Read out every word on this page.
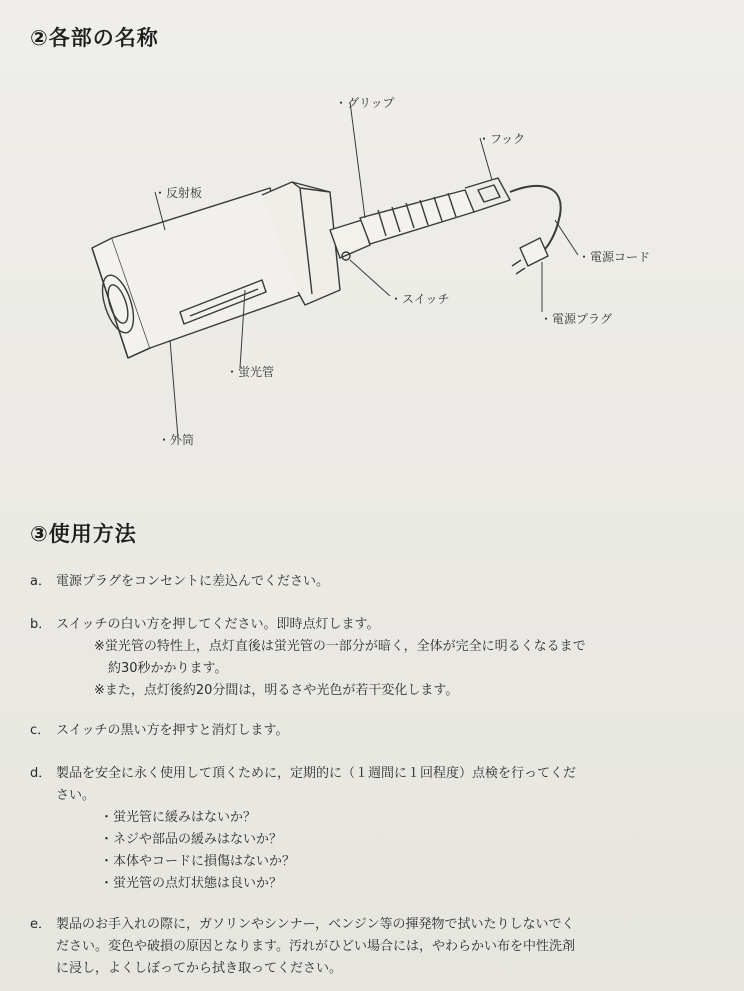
②各部の名称
・グリップ
・フック
・反射板
・電源コード
・スイッチ
・電源プラグ
・蛍光管
・外筒
③使用方法
a． 電源プラグをコンセントに差込んでください。
b． スイッチの白い方を押してください。即時点灯します。
※蛍光管の特性上，点灯直後は蛍光管の一部分が暗く，全体が完全に明るくなるまで
約30秒かかります。
※また，点灯後約20分間は，明るさや光色が若干変化します。
c． スイッチの黒い方を押すと消灯します。
d． 製品を安全に永く使用して頂くために，定期的に（１週間に１回程度）点検を行ってくだ
さい。
・蛍光管に緩みはないか？
・ネジや部品の緩みはないか？
・本体やコードに損傷はないか？
・蛍光管の点灯状態は良いか？
e． 製品のお手入れの際に，ガソリンやシンナー，ベンジン等の揮発物で拭いたりしないでく
ださい。変色や破損の原因となります。汚れがひどい場合には，やわらかい布を中性洗剤
に浸し，よくしぼってから拭き取ってください。
